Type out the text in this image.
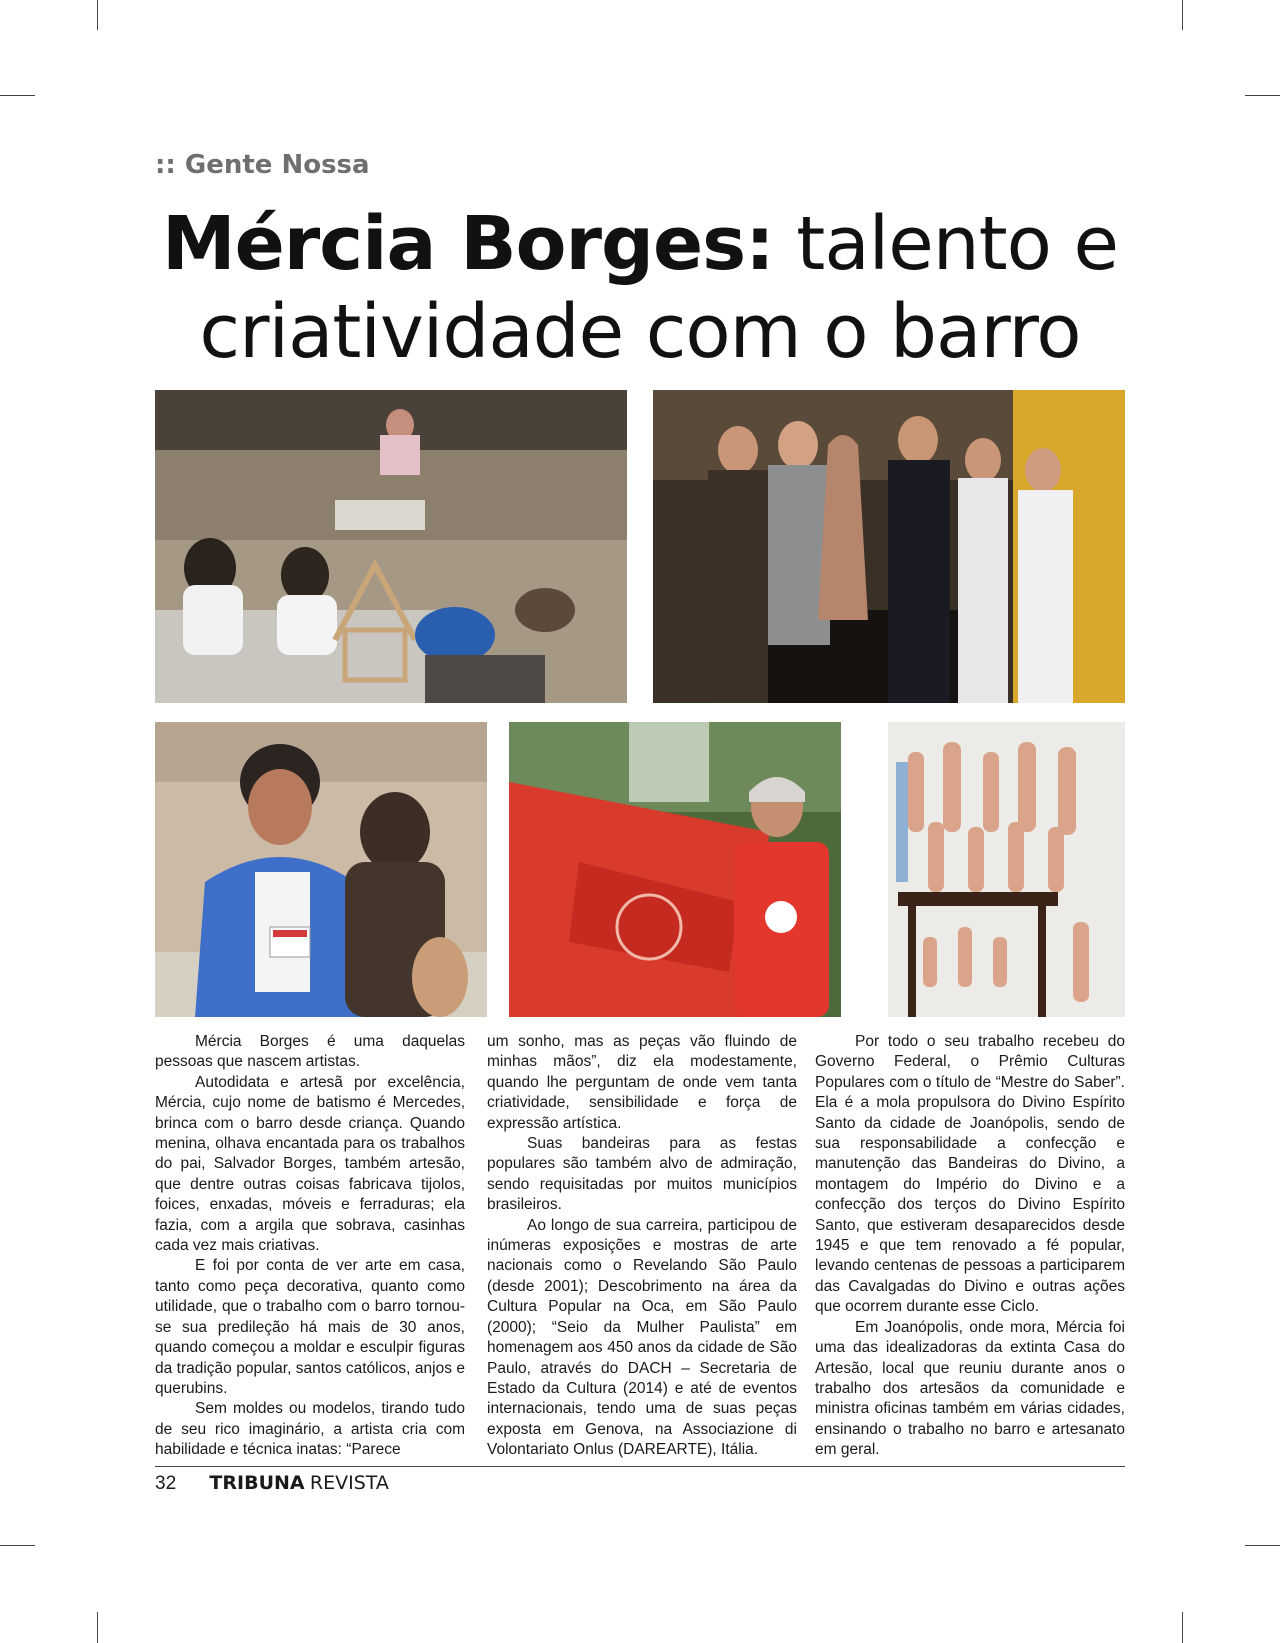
:: Gente Nossa
Mércia Borges: talento e
criatividade com o barro

Mércia Borges é uma daquelas pessoas que nascem artistas.

Autodidata e artesã por excelência, Mércia, cujo nome de batismo é Mercedes, brinca com o barro desde criança. Quando menina, olhava encantada para os trabalhos do pai, Salvador Borges, também artesão, que dentre outras coisas fabricava tijolos, foices, enxadas, móveis e ferraduras; ela fazia, com a argila que sobrava, casinhas cada vez mais criativas.

E foi por conta de ver arte em casa, tanto como peça decorativa, quanto como utilidade, que o trabalho com o barro tornou-se sua predileção há mais de 30 anos, quando começou a moldar e esculpir figuras da tradição popular, santos católicos, anjos e querubins.

Sem moldes ou modelos, tirando tudo de seu rico imaginário, a artista cria com habilidade e técnica inatas: “Parece

um sonho, mas as peças vão fluindo de minhas mãos”, diz ela modestamente, quando lhe perguntam de onde vem tanta criatividade, sensibilidade e força de expressão artística.

Suas bandeiras para as festas populares são também alvo de admiração, sendo requisitadas por muitos municípios brasileiros.

Ao longo de sua carreira, participou de inúmeras exposições e mostras de arte nacionais como o Revelando São Paulo (desde 2001); Descobrimento na área da Cultura Popular na Oca, em São Paulo (2000); “Seio da Mulher Paulista” em homenagem aos 450 anos da cidade de São Paulo, através do DACH – Secretaria de Estado da Cultura (2014) e até de eventos internacionais, tendo uma de suas peças exposta em Genova, na Associazione di Volontariato Onlus (DAREARTE), Itália.

Por todo o seu trabalho recebeu do Governo Federal, o Prêmio Culturas Populares com o título de “Mestre do Saber”. Ela é a mola propulsora do Divino Espírito Santo da cidade de Joanópolis, sendo de sua responsabilidade a confecção e manutenção das Bandeiras do Divino, a montagem do Império do Divino e a confecção dos terços do Divino Espírito Santo, que estiveram desaparecidos desde 1945 e que tem renovado a fé popular, levando centenas de pessoas a participarem das Cavalgadas do Divino e outras ações que ocorrem durante esse Ciclo.

Em Joanópolis, onde mora, Mércia foi uma das idealizadoras da extinta Casa do Artesão, local que reuniu durante anos o trabalho dos artesãos da comunidade e ministra oficinas também em várias cidades, ensinando o trabalho no barro e artesanato em geral.

32 TRIBUNA REVISTA
